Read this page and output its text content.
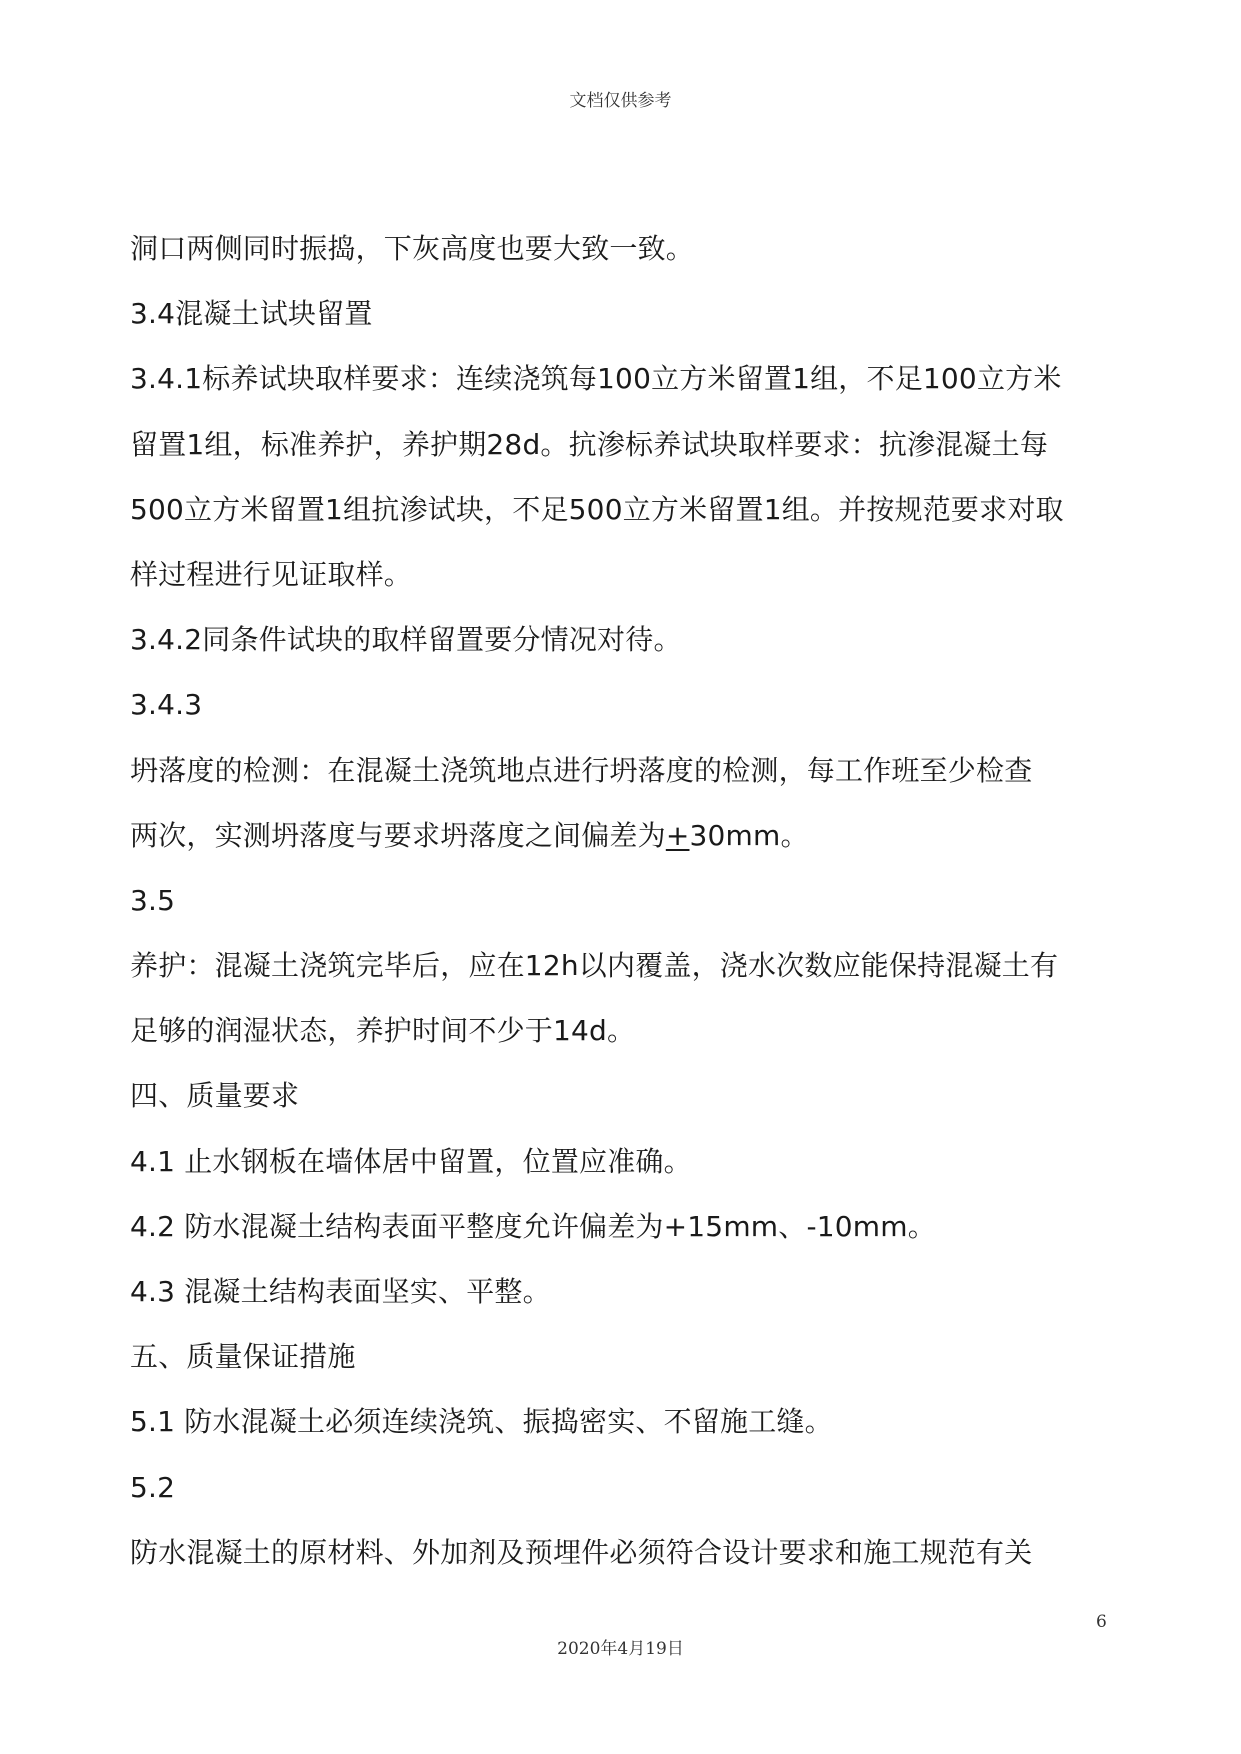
文档仅供参考
洞口两侧同时振捣，下灰高度也要大致一致。
3.4混凝土试块留置
3.4.1标养试块取样要求：连续浇筑每100立方米留置1组，不足100立方米
留置1组，标准养护，养护期28d。抗渗标养试块取样要求：抗渗混凝土每
500立方米留置1组抗渗试块，不足500立方米留置1组。并按规范要求对取
样过程进行见证取样。
3.4.2同条件试块的取样留置要分情况对待。
3.4.3
坍落度的检测：在混凝土浇筑地点进行坍落度的检测，每工作班至少检查
两次，实测坍落度与要求坍落度之间偏差为+30mm。
3.5
养护：混凝土浇筑完毕后，应在12h以内覆盖，浇水次数应能保持混凝土有
足够的润湿状态，养护时间不少于14d。
四、质量要求
4.1 止水钢板在墙体居中留置，位置应准确。
4.2 防水混凝土结构表面平整度允许偏差为+15mm、-10mm。
4.3 混凝土结构表面坚实、平整。
五、质量保证措施
5.1 防水混凝土必须连续浇筑、振捣密实、不留施工缝。
5.2
防水混凝土的原材料、外加剂及预埋件必须符合设计要求和施工规范有关
6
2020年4月19日
